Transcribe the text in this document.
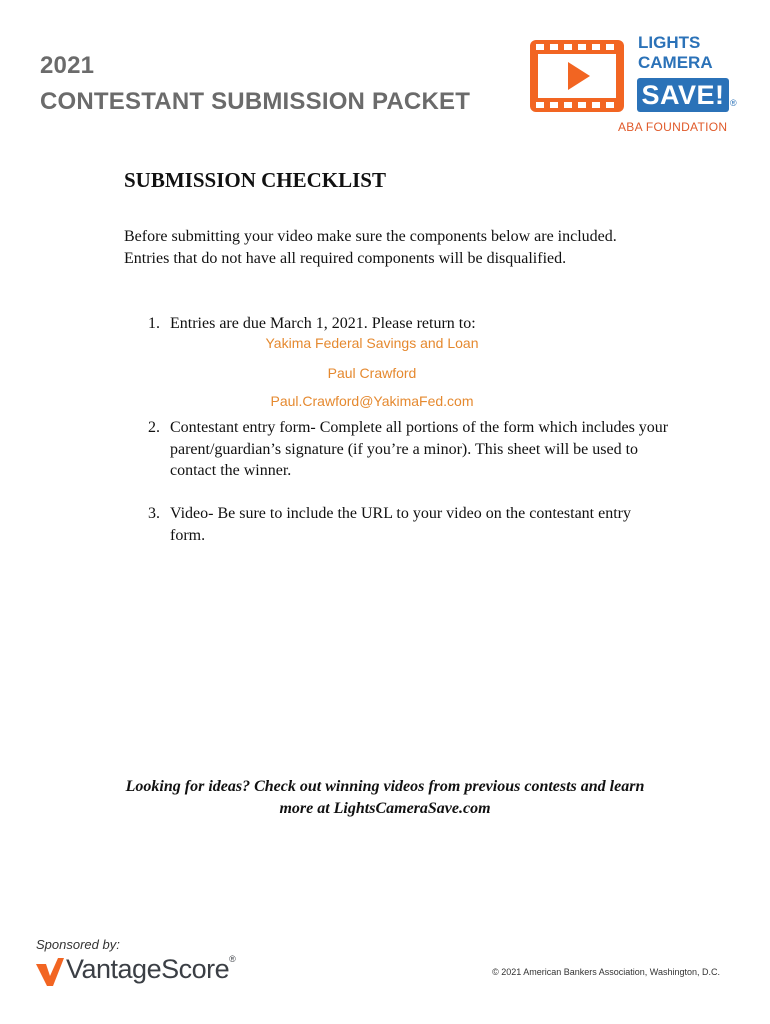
2021
CONTESTANT SUBMISSION PACKET
LIGHTS
CAMERA
SAVE! ®
ABA FOUNDATION
SUBMISSION CHECKLIST
Before submitting your video make sure the components below are included. Entries that do not have all required components will be disqualified.
1. Entries are due March 1, 2021. Please return to:
Yakima Federal Savings and Loan
Paul Crawford
Paul.Crawford@YakimaFed.com
2. Contestant entry form- Complete all portions of the form which includes your parent/guardian’s signature (if you’re a minor). This sheet will be used to contact the winner.
3. Video- Be sure to include the URL to your video on the contestant entry form.
Looking for ideas? Check out winning videos from previous contests and learn more at LightsCameraSave.com
Sponsored by:
VantageScore®
© 2021 American Bankers Association, Washington, D.C.
